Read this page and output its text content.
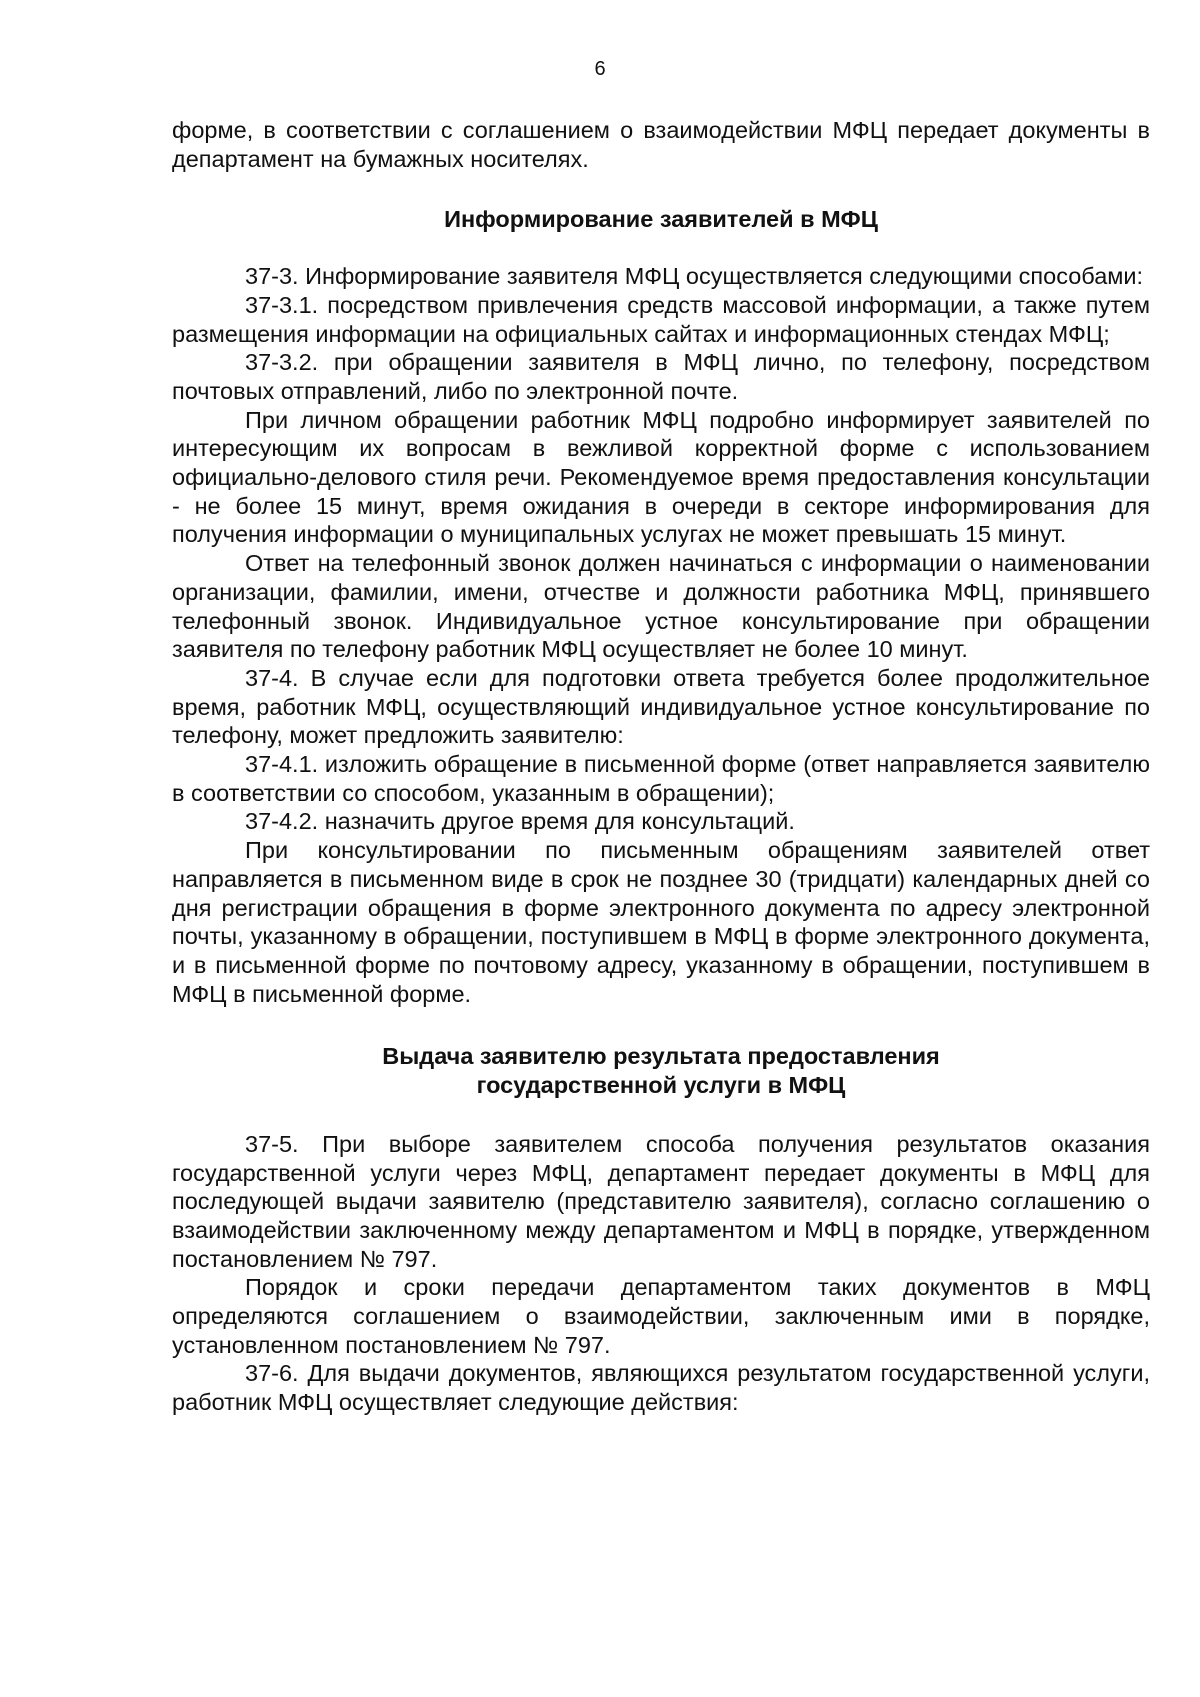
6

форме, в соответствии с соглашением о взаимодействии МФЦ передает документы в департамент на бумажных носителях.

Информирование заявителей в МФЦ

37-3. Информирование заявителя МФЦ осуществляется следующими способами:

37-3.1. посредством привлечения средств массовой информации, а также путем размещения информации на официальных сайтах и информационных стендах МФЦ;

37-3.2. при обращении заявителя в МФЦ лично, по телефону, посредством почтовых отправлений, либо по электронной почте.

При личном обращении работник МФЦ подробно информирует заявителей по интересующим их вопросам в вежливой корректной форме с использованием официально-делового стиля речи. Рекомендуемое время предоставления консультации - не более 15 минут, время ожидания в очереди в секторе информирования для получения информации о муниципальных услугах не может превышать 15 минут.

Ответ на телефонный звонок должен начинаться с информации о наименовании организации, фамилии, имени, отчестве и должности работника МФЦ, принявшего телефонный звонок. Индивидуальное устное консультирование при обращении заявителя по телефону работник МФЦ осуществляет не более 10 минут.

37-4. В случае если для подготовки ответа требуется более продолжительное время, работник МФЦ, осуществляющий индивидуальное устное консультирование по телефону, может предложить заявителю:

37-4.1. изложить обращение в письменной форме (ответ направляется заявителю в соответствии со способом, указанным в обращении);

37-4.2. назначить другое время для консультаций.

При консультировании по письменным обращениям заявителей ответ направляется в письменном виде в срок не позднее 30 (тридцати) календарных дней со дня регистрации обращения в форме электронного документа по адресу электронной почты, указанному в обращении, поступившем в МФЦ в форме электронного документа, и в письменной форме по почтовому адресу, указанному в обращении, поступившем в МФЦ в письменной форме.

Выдача заявителю результата предоставления
государственной услуги в МФЦ

37-5. При выборе заявителем способа получения результатов оказания государственной услуги через МФЦ, департамент передает документы в МФЦ для последующей выдачи заявителю (представителю заявителя), согласно соглашению о взаимодействии заключенному между департаментом и МФЦ в порядке, утвержденном постановлением № 797.

Порядок и сроки передачи департаментом таких документов в МФЦ определяются соглашением о взаимодействии, заключенным ими в порядке, установленном постановлением № 797.

37-6. Для выдачи документов, являющихся результатом государственной услуги, работник МФЦ осуществляет следующие действия:
